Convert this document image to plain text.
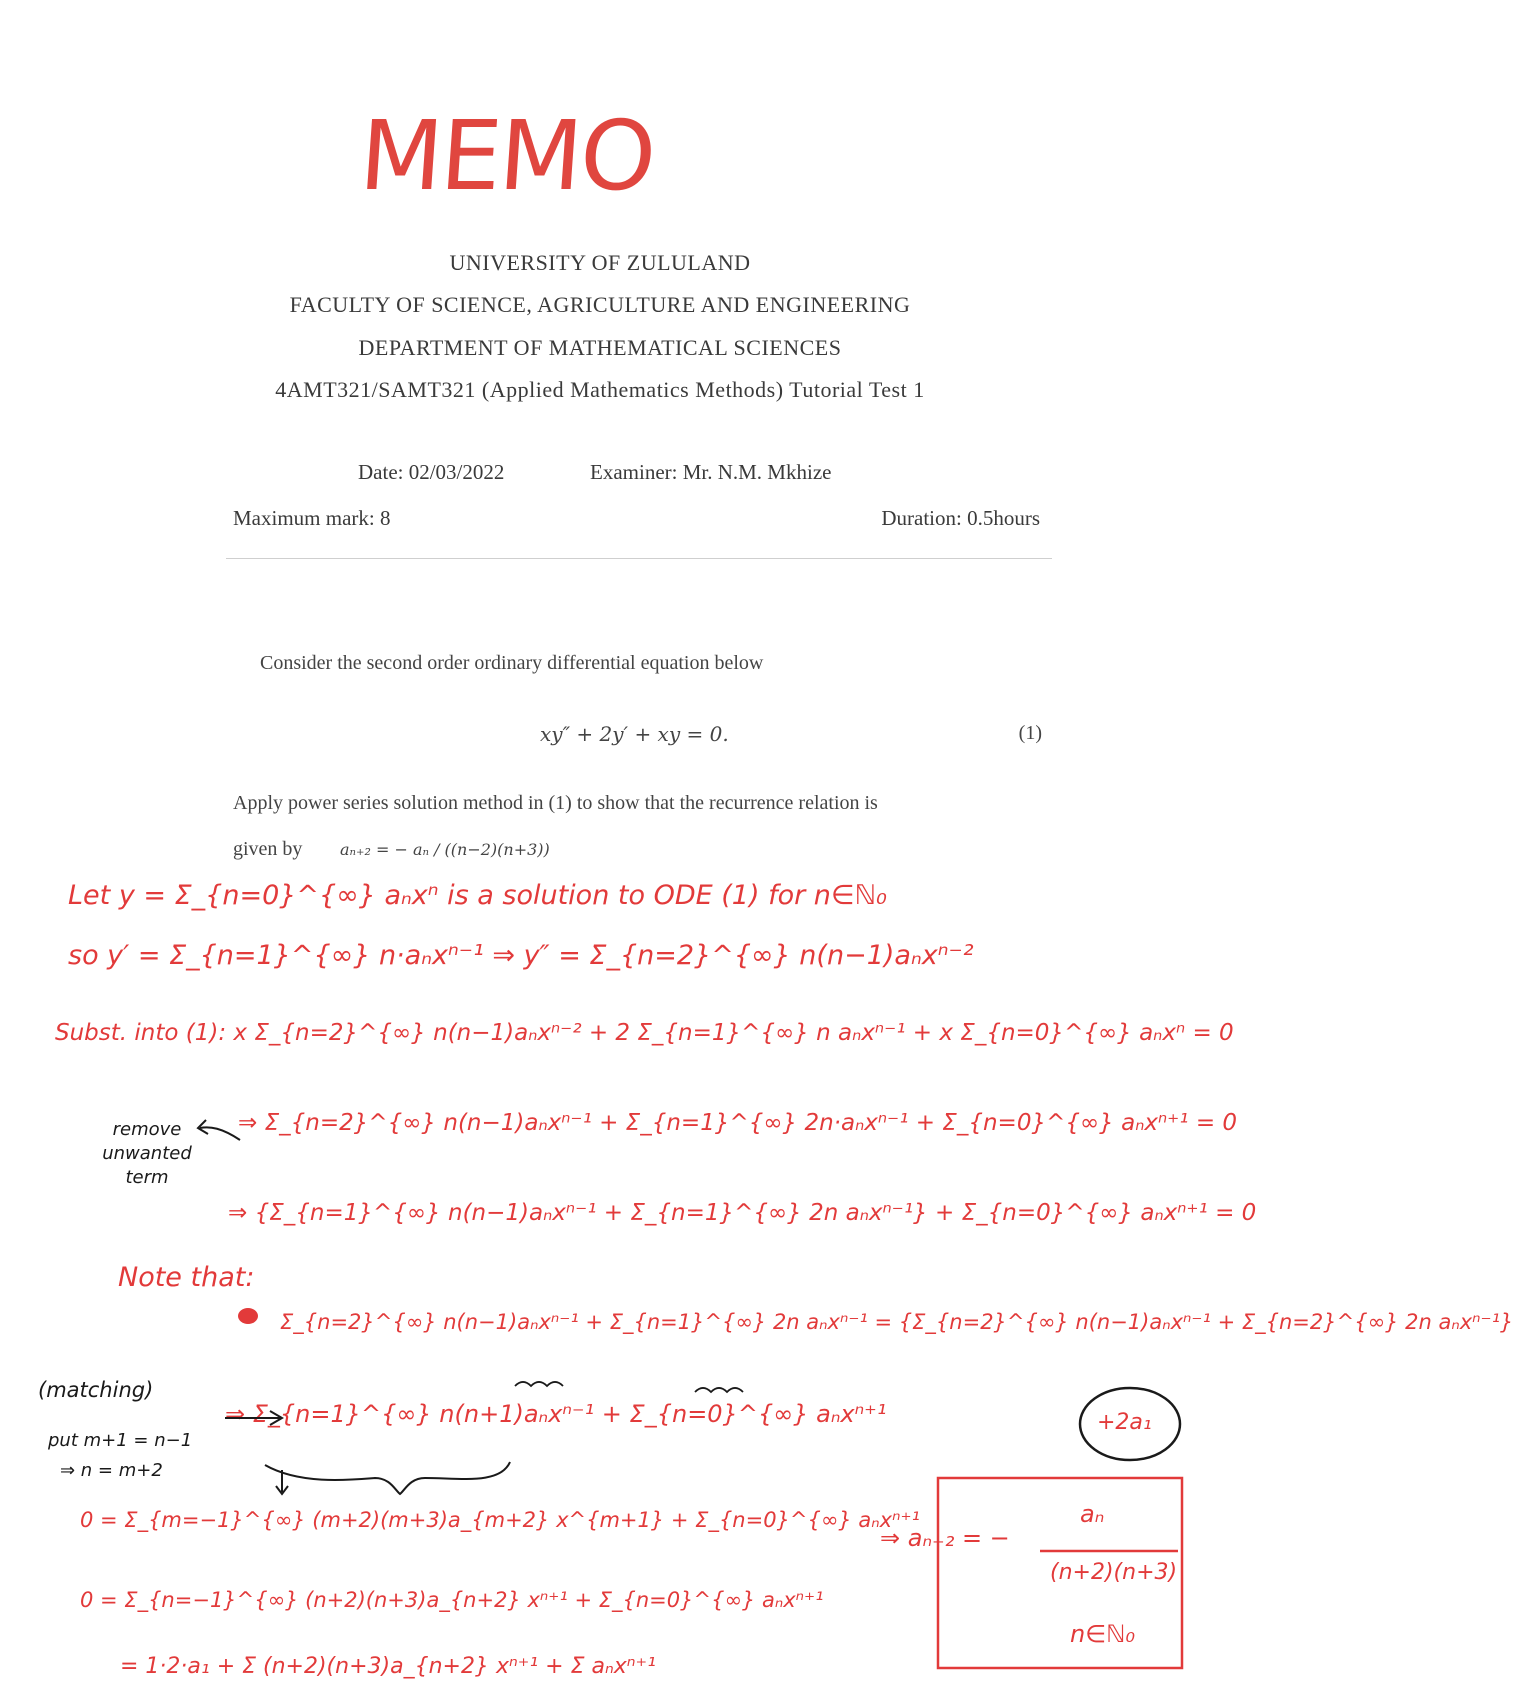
MEMO
UNIVERSITY OF ZULULAND
FACULTY OF SCIENCE, AGRICULTURE AND ENGINEERING
DEPARTMENT OF MATHEMATICAL SCIENCES
4AMT321/SAMT321 (Applied Mathematics Methods) Tutorial Test 1
Date: 02/03/2022	Examiner: Mr. N.M. Mkhize
Maximum mark: 8	Duration: 0.5hours
Consider the second order ordinary differential equation below
xy″ + 2y′ + xy = 0.	(1)
Apply power series solution method in (1) to show that the recurrence relation is
given by aₙ₊₂ = − aₙ / ((n−2)(n+3))
Let y = Σ_{n=0}^{∞} aₙxⁿ is a solution to ODE (1) for n∈ℕ₀
so y′ = Σ_{n=1}^{∞} n·aₙxⁿ⁻¹ ⇒ y″ = Σ_{n=2}^{∞} n(n−1)aₙxⁿ⁻²
Subst. into (1): x Σ_{n=2}^{∞} n(n−1)aₙxⁿ⁻² + 2 Σ_{n=1}^{∞} n aₙxⁿ⁻¹ + x Σ_{n=0}^{∞} aₙxⁿ = 0
⇒ Σ_{n=2}^{∞} n(n−1)aₙxⁿ⁻¹ + Σ_{n=1}^{∞} 2n·aₙxⁿ⁻¹ + Σ_{n=0}^{∞} aₙxⁿ⁺¹ = 0
remove unwanted term
⇒ {Σ_{n=1}^{∞} n(n−1)aₙxⁿ⁻¹ + Σ_{n=1}^{∞} 2n aₙxⁿ⁻¹} + Σ_{n=0}^{∞} aₙxⁿ⁺¹ = 0
Note that:
Σ_{n=2}^{∞} n(n−1)aₙxⁿ⁻¹ + Σ_{n=1}^{∞} 2n aₙxⁿ⁻¹ = {Σ_{n=2}^{∞} n(n−1)aₙxⁿ⁻¹ + Σ_{n=2}^{∞} 2n aₙxⁿ⁻¹}
(matching)
put m+1 = n−1
⇒ n = m+2
⇒ Σ_{n=1}^{∞} n(n+1)aₙxⁿ⁻¹ + Σ_{n=0}^{∞} aₙxⁿ⁺¹	+2a₁
0 = Σ_{m=−1}^{∞} (m+2)(m+3)a_{m+2} x^{m+1} + Σ_{n=0}^{∞} aₙxⁿ⁺¹
0 = Σ_{n=−1}^{∞} (n+2)(n+3)a_{n+2} xⁿ⁺¹ + Σ_{n=0}^{∞} aₙxⁿ⁺¹
= 1·2·a₁ + Σ (n+2)(n+3)a_{n+2} xⁿ⁺¹ + Σ aₙxⁿ⁺¹
⇒ aₙ₊₂ = −
aₙ
(n+2)(n+3)
n∈ℕ₀
